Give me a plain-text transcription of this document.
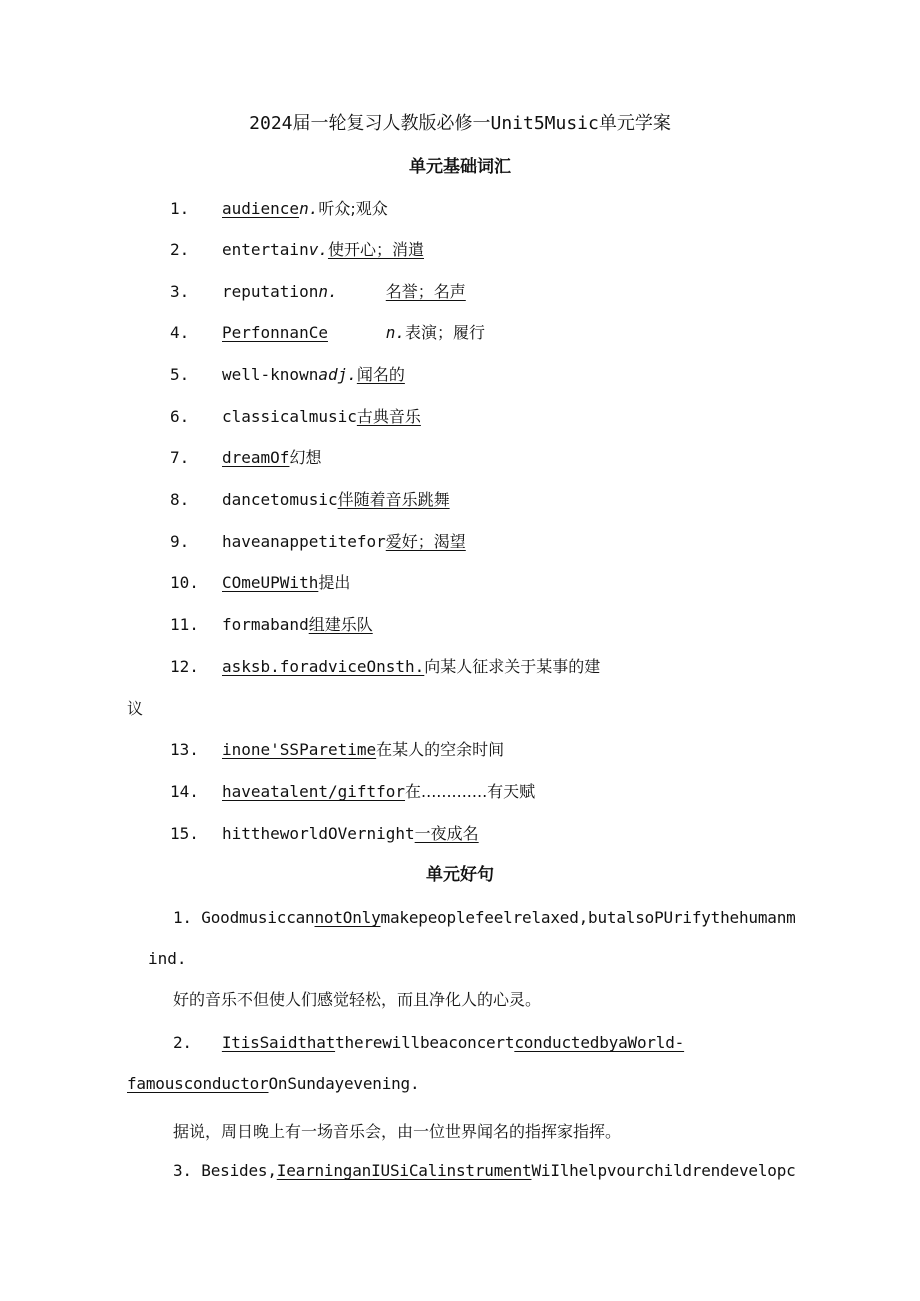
2024届一轮复习人教版必修一Unit5Music单元学案
单元基础词汇
1. audiencen.听众;观众
2. entertainv.使开心；消遣
3. reputationn.	名誉；名声
4. PerfonnanCe	n.表演；履行
5. well-knownadj.闻名的
6. classicalmusic古典音乐
7. dreamOf幻想
8. dancetomusic伴随着音乐跳舞
9. haveanappetitefor爱好；渴望
10. COmeUPWith提出
11. formaband组建乐队
12. asksb.foradviceOnsth.向某人征求关于某事的建
13. inone'SSParetime在某人的空余时间
14. haveatalent/giftfor在.............有天赋
15. hittheworldOVernight一夜成名
议
单元好句
1. GoodmusiccannotOnlymakepeoplefeelrelaxed,butalsoPUrifythehumanm
ind.
好的音乐不但使人们感觉轻松，而且净化人的心灵。
2. ItisSaidthattherewillbeaconcertconductedbyaWorld-
famousconductorOnSundayevening.
据说，周日晚上有一场音乐会，由一位世界闻名的指挥家指挥。
3. Besides,IearninganIUSiCalinstrumentWiIlhelpvourchildrendevelopc
